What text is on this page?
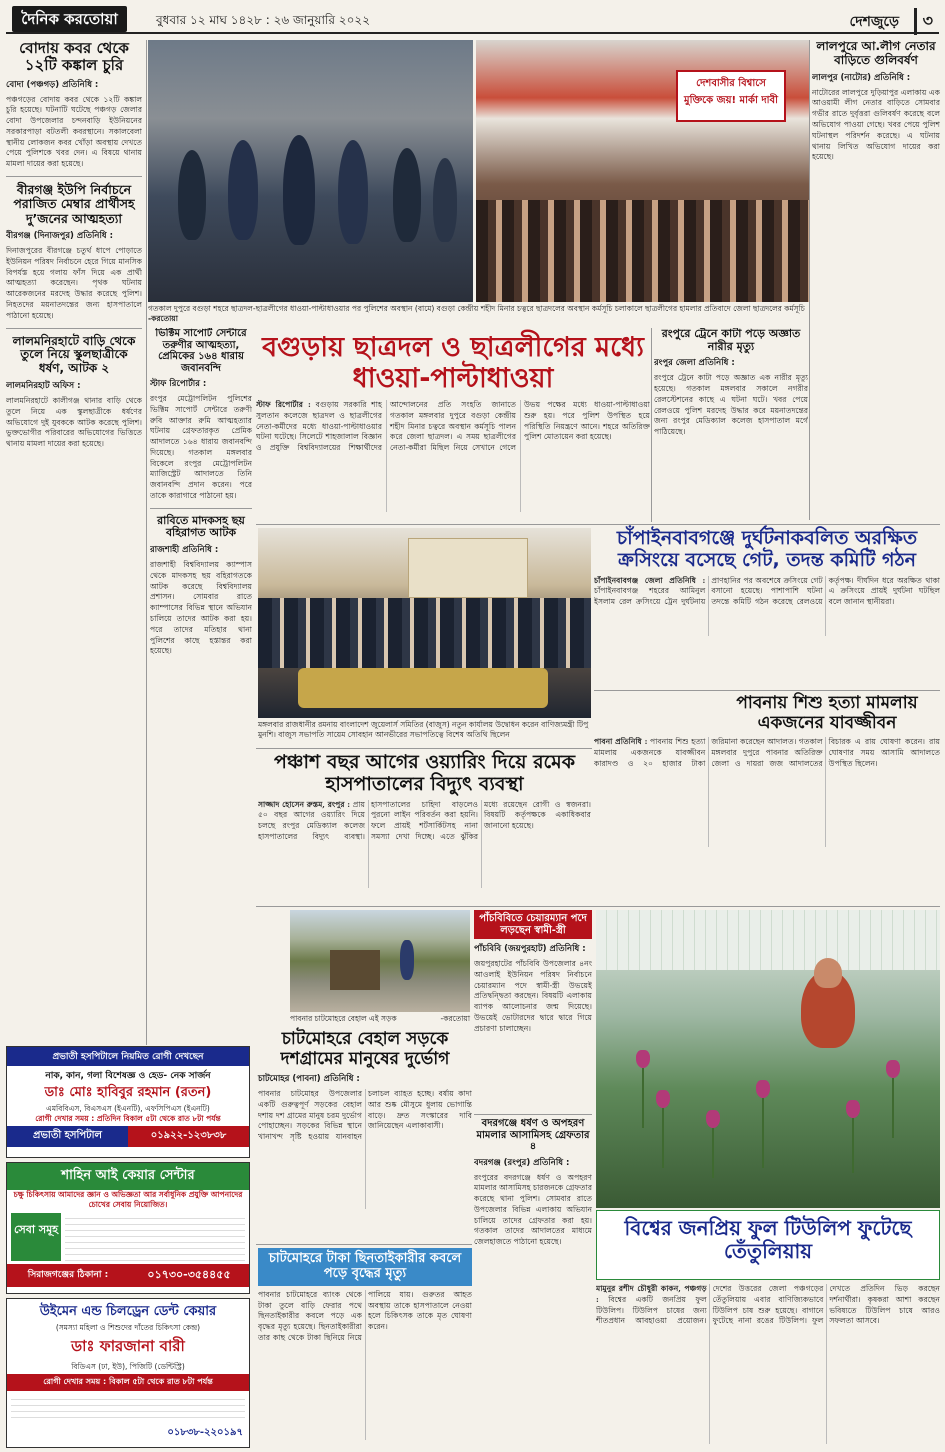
দৈনিক করতোয়া	বুধবার ১২ মাঘ ১৪২৮ : ২৬ জানুয়ারি ২০২২	দেশজুড়ে	৩
বোদায় কবর থেকে ১২টি কঙ্কাল চুরি
বোদা (পঞ্চগড়) প্রতিনিধি :
পঞ্চগড়ের বোদায় কবর থেকে ১২টি কঙ্কাল চুরি হয়েছে। ঘটনাটি ঘটেছে পঞ্চগড় জেলার বোদা উপজেলার চন্দনবাড়ি ইউনিয়নের সরকারপাড়া বটতলী কবরস্থানে। সকালবেলা স্থানীয় লোকজন কবর খোঁড়া অবস্থায় দেখতে পেয়ে পুলিশকে খবর দেন। এ বিষয়ে থানায় মামলা দায়ের করা হয়েছে।
বীরগঞ্জ ইউপি নির্বাচনে পরাজিত মেম্বার প্রার্থীসহ দু’জনের আত্মহত্যা
বীরগঞ্জ (দিনাজপুর) প্রতিনিধি :
দিনাজপুরের বীরগঞ্জে চতুর্থ ধাপে পোড়াতে ইউনিয়ন পরিষদ নির্বাচনে হেরে গিয়ে মানসিক বিপর্যস্ত হয়ে গলায় ফাঁস দিয়ে এক প্রার্থী আত্মহত্যা করেছেন। পৃথক ঘটনায় আরেকজনের মরদেহ উদ্ধার করেছে পুলিশ। নিহতদের ময়নাতদন্তের জন্য হাসপাতালে পাঠানো হয়েছে।
লালমনিরহাটে বাড়ি থেকে তুলে নিয়ে স্কুলছাত্রীকে ধর্ষণ, আটক ২
লালমনিরহাট অফিস :
লালমনিরহাটে কালীগঞ্জ থানার বাড়ি থেকে তুলে নিয়ে এক স্কুলছাত্রীকে ধর্ষণের অভিযোগে দুই যুবককে আটক করেছে পুলিশ। ভুক্তভোগীর পরিবারের অভিযোগের ভিত্তিতে থানায় মামলা দায়ের করা হয়েছে।
দেশবাসীর বিশ্বাসে মুক্তিকে জয়! মার্কা দাবী
গতকাল দুপুরে বগুড়া শহরে ছাত্রদল-ছাত্রলীগের ধাওয়া-পাল্টাধাওয়ার পর পুলিশের অবস্থান (বামে) বগুড়া কেন্দ্রীয় শহীদ মিনার চত্বরে ছাত্রদলের অবস্থান কর্মসূচি চলাকালে ছাত্রলীগের হামলার প্রতিবাদে জেলা ছাত্রদলের কর্মসূচি -করতোয়া
বগুড়ায় ছাত্রদল ও ছাত্রলীগের মধ্যে ধাওয়া-পাল্টাধাওয়া
স্টাফ রিপোর্টার : বগুড়ায় সরকারি শাহ সুলতান কলেজে ছাত্রদল ও ছাত্রলীগের নেতা-কর্মীদের মধ্যে ধাওয়া-পাল্টাধাওয়ার ঘটনা ঘটেছে। সিলেটে শাহজালাল বিজ্ঞান ও প্রযুক্তি বিশ্ববিদ্যালয়ের শিক্ষার্থীদের আন্দোলনের প্রতি সংহতি জানাতে গতকাল মঙ্গলবার দুপুরে বগুড়া কেন্দ্রীয় শহীদ মিনার চত্বরে অবস্থান কর্মসূচি পালন করে জেলা ছাত্রদল। এ সময় ছাত্রলীগের নেতা-কর্মীরা মিছিল নিয়ে সেখানে গেলে উভয় পক্ষের মধ্যে ধাওয়া-পাল্টাধাওয়া শুরু হয়। পরে পুলিশ উপস্থিত হয়ে পরিস্থিতি নিয়ন্ত্রণে আনে। শহরে অতিরিক্ত পুলিশ মোতায়েন করা হয়েছে।
ভিক্টিম সাপোর্ট সেন্টারে তরুণীর আত্মহত্যা, প্রেমিকের ১৬৪ ধারায় জবানবন্দি
স্টাফ রিপোর্টার :
রংপুর মেট্রোপলিটন পুলিশের ভিক্টিম সাপোর্ট সেন্টারে তরুণী রুবি আক্তার রুমি আত্মহত্যার ঘটনায় গ্রেফতারকৃত প্রেমিক আদালতে ১৬৪ ধারায় জবানবন্দি দিয়েছে। গতকাল মঙ্গলবার বিকেলে রংপুর মেট্রোপলিটন ম্যাজিস্ট্রেট আদালতে তিনি জবানবন্দি প্রদান করেন। পরে তাকে কারাগারে পাঠানো হয়।
রাবিতে মাদকসহ ছয় বহিরাগত আটক
রাজশাহী প্রতিনিধি :
রাজশাহী বিশ্ববিদ্যালয় ক্যাম্পাস থেকে মাদকসহ ছয় বহিরাগতকে আটক করেছে বিশ্ববিদ্যালয় প্রশাসন। সোমবার রাতে ক্যাম্পাসের বিভিন্ন স্থানে অভিযান চালিয়ে তাদের আটক করা হয়। পরে তাদের মতিহার থানা পুলিশের কাছে হস্তান্তর করা হয়েছে।
লালপুরে আ.লীগ নেতার বাড়িতে গুলিবর্ষণ
লালপুর (নাটোর) প্রতিনিধি :
নাটোরের লালপুরে দুড়িয়াপুর এলাকায় এক আওয়ামী লীগ নেতার বাড়িতে সোমবার গভীর রাতে দুর্বৃত্তরা গুলিবর্ষণ করেছে বলে অভিযোগ পাওয়া গেছে। খবর পেয়ে পুলিশ ঘটনাস্থল পরিদর্শন করেছে। এ ঘটনায় থানায় লিখিত অভিযোগ দায়ের করা হয়েছে।
রংপুরে ট্রেনে কাটা পড়ে অজ্ঞাত নারীর মৃত্যু
রংপুর জেলা প্রতিনিধি :
রংপুরে ট্রেনে কাটা পড়ে অজ্ঞাত এক নারীর মৃত্যু হয়েছে। গতকাল মঙ্গলবার সকালে নগরীর রেলস্টেশনের কাছে এ ঘটনা ঘটে। খবর পেয়ে রেলওয়ে পুলিশ মরদেহ উদ্ধার করে ময়নাতদন্তের জন্য রংপুর মেডিক্যাল কলেজ হাসপাতাল মর্গে পাঠিয়েছে।
মঙ্গলবার রাজধানীর রমনায় বাংলাদেশ জুয়েলার্স সমিতির (বাজুস) নতুন কার্যালয় উদ্বোধন করেন বাণিজ্যমন্ত্রী টিপু মুনশি। বাজুস সভাপতি সায়েম সোবহান আনভীরের সভাপতিত্বে বিশেষ অতিথি ছিলেন
চাঁপাইনবাবগঞ্জে দুর্ঘটনাকবলিত অরক্ষিত ক্রসিংয়ে বসেছে গেট, তদন্ত কমিটি গঠন
চাঁপাইনবাবগঞ্জ জেলা প্রতিনিধি : চাঁপাইনবাবগঞ্জ শহরের আমিনুল ইসলাম রেল ক্রসিংয়ে ট্রেন দুর্ঘটনায় প্রাণহানির পর অবশেষে ক্রসিংয়ে গেট বসানো হয়েছে। পাশাপাশি ঘটনা তদন্তে কমিটি গঠন করেছে রেলওয়ে কর্তৃপক্ষ। দীর্ঘদিন ধরে অরক্ষিত থাকা এ ক্রসিংয়ে প্রায়ই দুর্ঘটনা ঘটছিল বলে জানান স্থানীয়রা।
পাবনায় শিশু হত্যা মামলায় একজনের যাবজ্জীবন
পাবনা প্রতিনিধি : পাবনায় শিশু হত্যা মামলায় একজনকে যাবজ্জীবন কারাদণ্ড ও ২০ হাজার টাকা জরিমানা করেছেন আদালত। গতকাল মঙ্গলবার দুপুরে পাবনার অতিরিক্ত জেলা ও দায়রা জজ আদালতের বিচারক এ রায় ঘোষণা করেন। রায় ঘোষণার সময় আসামি আদালতে উপস্থিত ছিলেন।
পঞ্চাশ বছর আগের ওয়্যারিং দিয়ে রমেক হাসপাতালের বিদ্যুৎ ব্যবস্থা
সাজ্জাদ হোসেন রুস্তম, রংপুর : প্রায় ৫০ বছর আগের ওয়্যারিং দিয়ে চলছে রংপুর মেডিক্যাল কলেজ হাসপাতালের বিদ্যুৎ ব্যবস্থা। হাসপাতালের চাহিদা বাড়লেও পুরনো লাইন পরিবর্তন করা হয়নি। ফলে প্রায়ই শর্টসার্কিটসহ নানা সমস্যা দেখা দিচ্ছে। এতে ঝুঁকির মধ্যে রয়েছেন রোগী ও স্বজনরা। বিষয়টি কর্তৃপক্ষকে একাধিকবার জানানো হয়েছে।
পাবনার চাটমোহরে বেহাল এই সড়ক	-করতোয়া
পাঁচবিবিতে চেয়ারম্যান পদে লড়ছেন স্বামী-স্ত্রী
পাঁচবিবি (জয়পুরহাট) প্রতিনিধি :
জয়পুরহাটের পাঁচবিবি উপজেলার ৪নং আওলাই ইউনিয়ন পরিষদ নির্বাচনে চেয়ারম্যান পদে স্বামী-স্ত্রী উভয়েই প্রতিদ্বন্দ্বিতা করছেন। বিষয়টি এলাকায় ব্যাপক আলোচনার জন্ম দিয়েছে। উভয়েই ভোটারদের দ্বারে দ্বারে গিয়ে প্রচারণা চালাচ্ছেন।
চাটমোহরে বেহাল সড়কে দশগ্রামের মানুষের দুর্ভোগ
চাটমোহর (পাবনা) প্রতিনিধি :
পাবনার চাটমোহর উপজেলার একটি গুরুত্বপূর্ণ সড়কের বেহাল দশায় দশ গ্রামের মানুষ চরম দুর্ভোগ পোহাচ্ছেন। সড়কের বিভিন্ন স্থানে খানাখন্দ সৃষ্টি হওয়ায় যানবাহন চলাচল ব্যাহত হচ্ছে। বর্ষায় কাদা আর শুষ্ক মৌসুমে ধুলায় ভোগান্তি বাড়ে। দ্রুত সংস্কারের দাবি জানিয়েছেন এলাকাবাসী।
চাটমোহরে টাকা ছিনতাইকারীর কবলে পড়ে বৃদ্ধের মৃত্যু
পাবনার চাটমোহরে ব্যাংক থেকে টাকা তুলে বাড়ি ফেরার পথে ছিনতাইকারীর কবলে পড়ে এক বৃদ্ধের মৃত্যু হয়েছে। ছিনতাইকারীরা তার কাছ থেকে টাকা ছিনিয়ে নিয়ে পালিয়ে যায়। গুরুতর আহত অবস্থায় তাকে হাসপাতালে নেওয়া হলে চিকিৎসক তাকে মৃত ঘোষণা করেন।
বদরগঞ্জে ধর্ষণ ও অপহরণ মামলার আসামিসহ গ্রেফতার ৪
বদরগঞ্জ (রংপুর) প্রতিনিধি :
রংপুরের বদরগঞ্জে ধর্ষণ ও অপহরণ মামলার আসামিসহ চারজনকে গ্রেফতার করেছে থানা পুলিশ। সোমবার রাতে উপজেলার বিভিন্ন এলাকায় অভিযান চালিয়ে তাদের গ্রেফতার করা হয়। গতকাল তাদের আদালতের মাধ্যমে জেলহাজতে পাঠানো হয়েছে।
বিশ্বের জনপ্রিয় ফুল টিউলিপ ফুটেছে তেঁতুলিয়ায়
মামুনুর রশীদ চৌধুরী কাকন, পঞ্চগড় : বিশ্বের একটি জনপ্রিয় ফুল টিউলিপ। টিউলিপ চাষের জন্য শীতপ্রধান আবহাওয়া প্রয়োজন। দেশের উত্তরের জেলা পঞ্চগড়ের তেঁতুলিয়ায় এবার বাণিজ্যিকভাবে টিউলিপ চাষ শুরু হয়েছে। বাগানে ফুটেছে নানা রঙের টিউলিপ। ফুল দেখতে প্রতিদিন ভিড় করছেন দর্শনার্থীরা। কৃষকরা আশা করছেন ভবিষ্যতে টিউলিপ চাষে আরও সফলতা আসবে।
প্রভাতী হসপিটালে নিয়মিত রোগী দেখছেন
নাক, কান, গলা বিশেষজ্ঞ ও হেড- নেক সার্জন
ডাঃ মোঃ হাবিবুর রহমান (রতন)
এমবিবিএস, বিএসএস (ইএনটি), এফসিপিএস (ইএনটি)
রোগী দেখার সময় : প্রতিদিন বিকাল ৫টা থেকে রাত ৮টা পর্যন্ত
প্রভাতী হসপিটাল	০১৯২২-১২৩৮৩৮
শাহিন আই কেয়ার সেন্টার
চক্ষু চিকিৎসায় আমাদের জ্ঞান ও অভিজ্ঞতা আর সর্বাধুনিক প্রযুক্তি আপনাদের চোখের সেবায় নিয়োজিত।
সেবা সমূহ
সিরাজগঞ্জের ঠিকানা :	০১৭৩০-৩৫৪৪৫৫
উইমেন এন্ড চিলড্রেন ডেন্ট কেয়ার
(সমস্যা মহিলা ও শিশুদের দাঁতের চিকিৎসা কেন্দ্র)
ডাঃ ফারজানা বারী
বিডিএস (ঢা, ইউ), পিজিটি (ডেন্টিস্ট্রি)
রোগী দেখার সময় : বিকাল ৫টা থেকে রাত ৮টা পর্যন্ত
০১৮৩৮-২২০১৯৭
